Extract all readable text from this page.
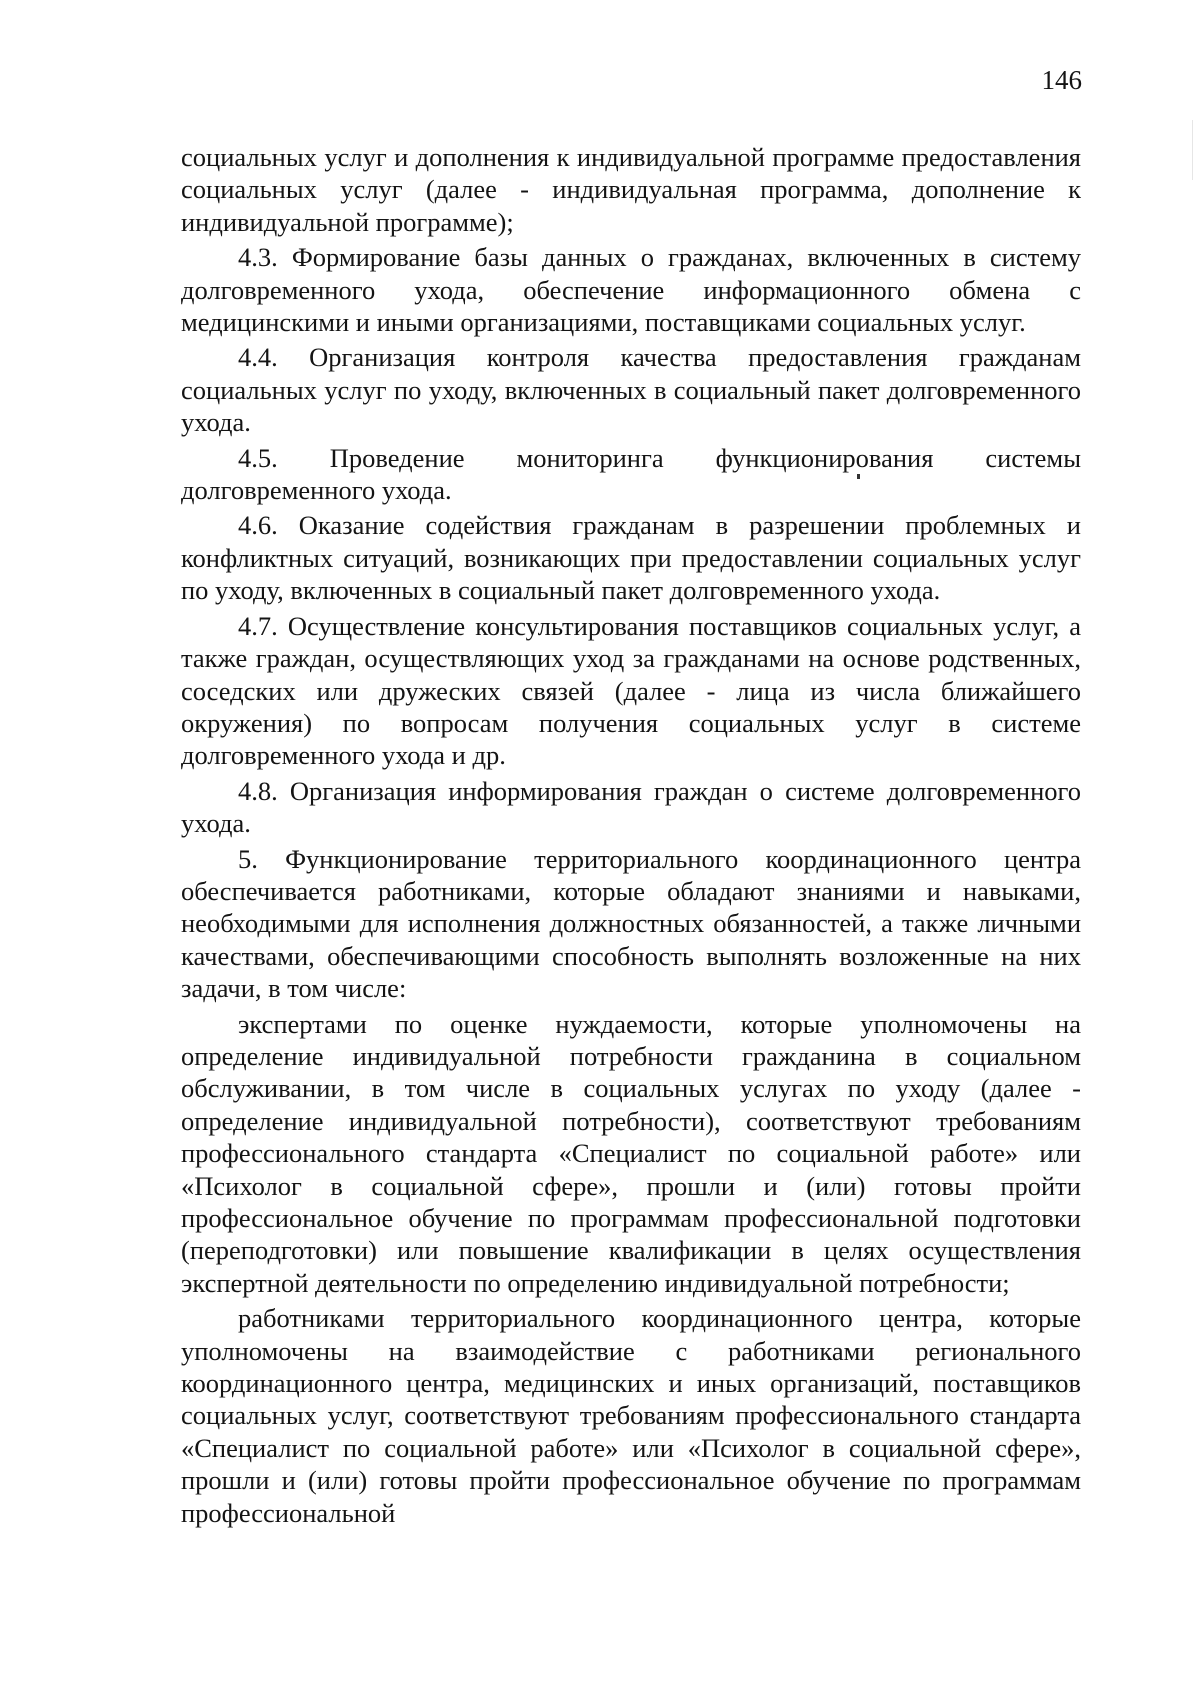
146

социальных услуг и дополнения к индивидуальной программе предоставления социальных услуг (далее - индивидуальная программа, дополнение к индивидуальной программе);

4.3. Формирование базы данных о гражданах, включенных в систему долговременного ухода, обеспечение информационного обмена с медицинскими и иными организациями, поставщиками социальных услуг.

4.4. Организация контроля качества предоставления гражданам социальных услуг по уходу, включенных в социальный пакет долговременного ухода.

4.5. Проведение мониторинга функционирования системы долговременного ухода.

4.6. Оказание содействия гражданам в разрешении проблемных и конфликтных ситуаций, возникающих при предоставлении социальных услуг по уходу, включенных в социальный пакет долговременного ухода.

4.7. Осуществление консультирования поставщиков социальных услуг, а также граждан, осуществляющих уход за гражданами на основе родственных, соседских или дружеских связей (далее - лица из числа ближайшего окружения) по вопросам получения социальных услуг в системе долговременного ухода и др.

4.8. Организация информирования граждан о системе долговременного ухода.

5. Функционирование территориального координационного центра обеспечивается работниками, которые обладают знаниями и навыками, необходимыми для исполнения должностных обязанностей, а также личными качествами, обеспечивающими способность выполнять возложенные на них задачи, в том числе:

экспертами по оценке нуждаемости, которые уполномочены на определение индивидуальной потребности гражданина в социальном обслуживании, в том числе в социальных услугах по уходу (далее - определение индивидуальной потребности), соответствуют требованиям профессионального стандарта «Специалист по социальной работе» или «Психолог в социальной сфере», прошли и (или) готовы пройти профессиональное обучение по программам профессиональной подготовки (переподготовки) или повышение квалификации в целях осуществления экспертной деятельности по определению индивидуальной потребности;

работниками территориального координационного центра, которые уполномочены на взаимодействие с работниками регионального координационного центра, медицинских и иных организаций, поставщиков социальных услуг, соответствуют требованиям профессионального стандарта «Специалист по социальной работе» или «Психолог в социальной сфере», прошли и (или) готовы пройти профессиональное обучение по программам профессиональной
